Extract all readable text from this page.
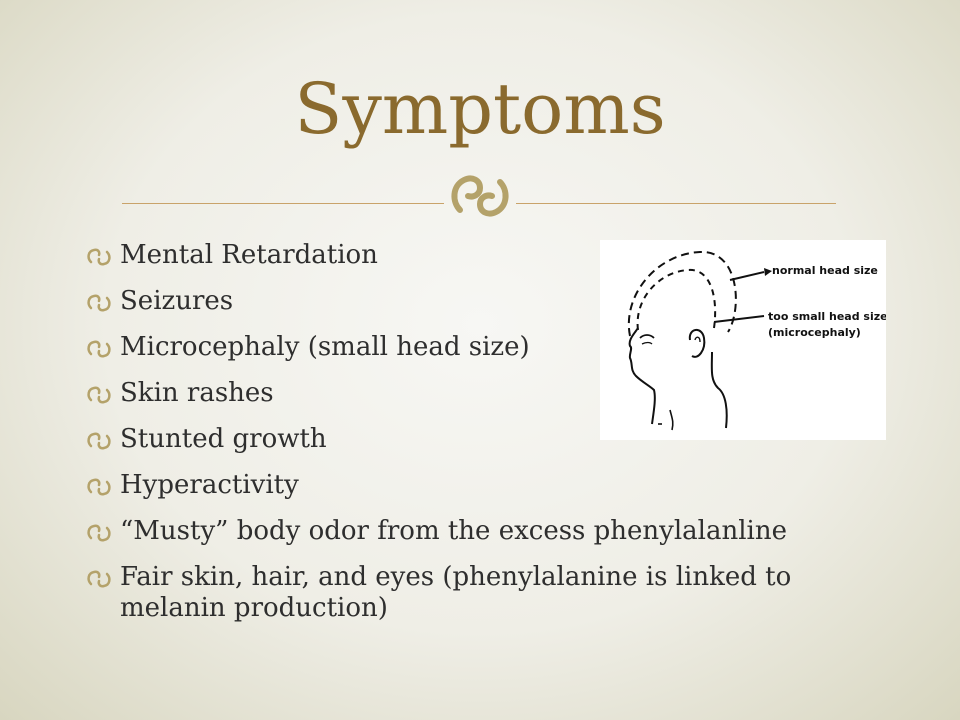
Symptoms
Mental Retardation
Seizures
Microcephaly (small head size)
Skin rashes
Stunted growth
Hyperactivity
“Musty” body odor from the excess phenylalanline
Fair skin, hair, and eyes (phenylalanine is linked to melanin production)
normal head size
too small head size
(microcephaly)
